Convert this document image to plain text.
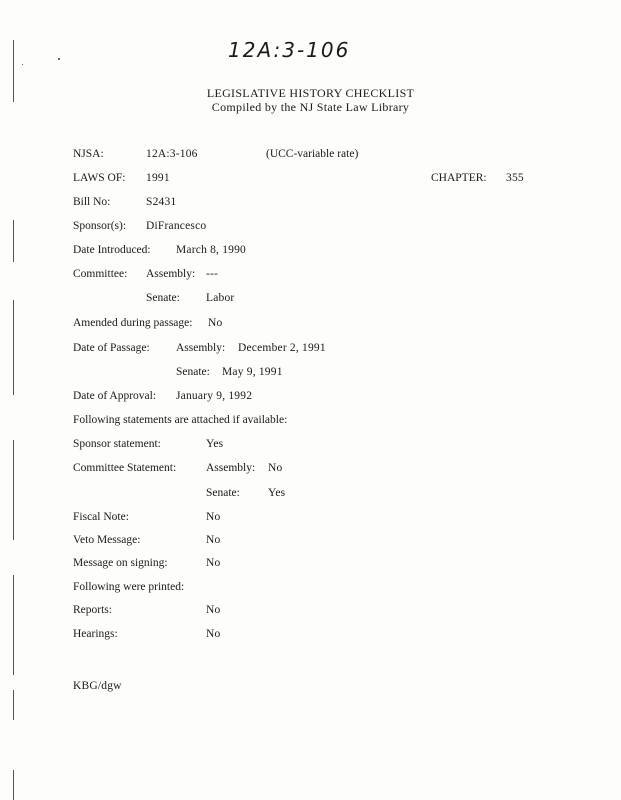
12A:3-106
LEGISLATIVE HISTORY CHECKLIST
Compiled by the NJ State Law Library
NJSA:	12A:3-106	(UCC-variable rate)
LAWS OF: 1991	CHAPTER: 355
Bill No:	S2431
Sponsor(s): DiFrancesco
Date Introduced: March 8, 1990
Committee: Assembly: ---
Senate: Labor
Amended during passage: No
Date of Passage: Assembly: December 2, 1991
Senate: May 9, 1991
Date of Approval: January 9, 1992
Following statements are attached if available:
Sponsor statement:	Yes
Committee Statement:	Assembly: No
Senate: Yes
Fiscal Note:	No
Veto Message:	No
Message on signing:	No
Following were printed:
Reports:	No
Hearings:	No
KBG/dgw
